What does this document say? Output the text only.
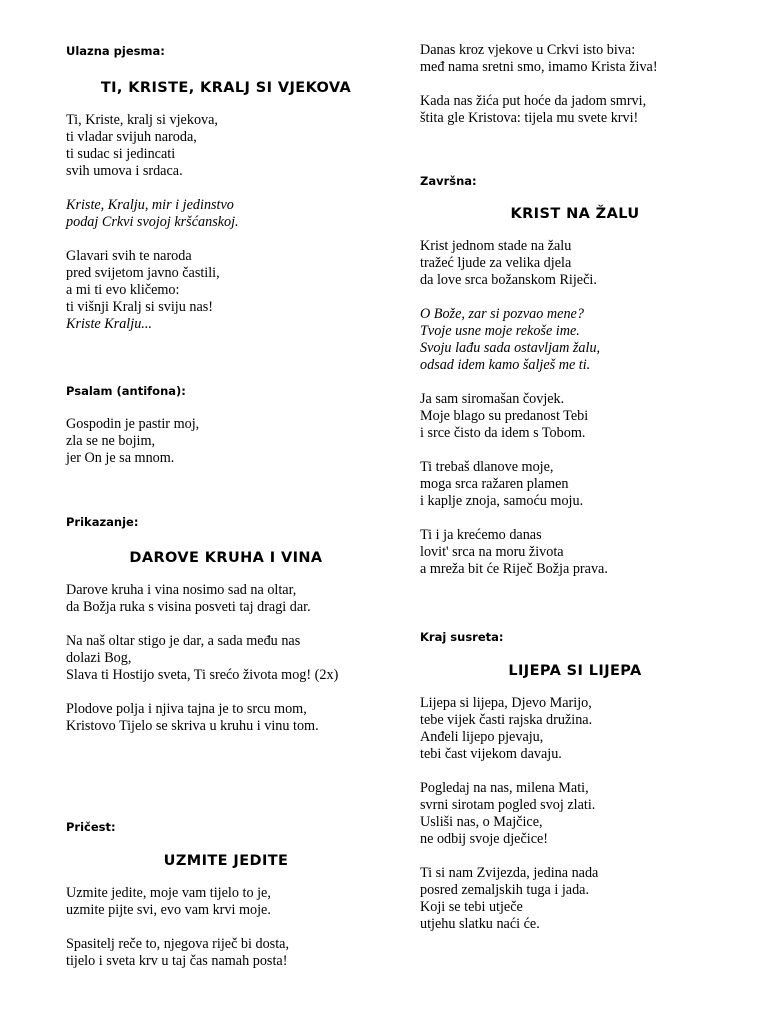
Ulazna pjesma:
TI, KRISTE, KRALJ SI VJEKOVA
Ti, Kriste, kralj si vjekova,
ti vladar svijuh naroda,
ti sudac si jedincati
svih umova i srdaca.
Kriste, Kralju, mir i jedinstvo
podaj Crkvi svojoj kršćanskoj.
Glavari svih te naroda
pred svijetom javno častili,
a mi ti evo kličemo:
ti višnji Kralj si sviju nas!
Kriste Kralju...
Psalam (antifona):
Gospodin je pastir moj,
zla se ne bojim,
jer On je sa mnom.
Prikazanje:
DAROVE KRUHA I VINA
Darove kruha i vina nosimo sad na oltar,
da Božja ruka s visina posveti taj dragi dar.
Na naš oltar stigo je dar, a sada među nas
dolazi Bog,
Slava ti Hostijo sveta, Ti srećo života mog! (2x)
Plodove polja i njiva tajna je to srcu mom,
Kristovo Tijelo se skriva u kruhu i vinu tom.
Pričest:
UZMITE JEDITE
Uzmite jedite, moje vam tijelo to je,
uzmite pijte svi, evo vam krvi moje.
Spasitelj reče to, njegova riječ bi dosta,
tijelo i sveta krv u taj čas namah posta!
Danas kroz vjekove u Crkvi isto biva:
međ nama sretni smo, imamo Krista živa!
Kada nas žića put hoće da jadom smrvi,
štita gle Kristova: tijela mu svete krvi!
Završna:
KRIST NA ŽALU
Krist jednom stade na žalu
tražeć ljude za velika djela
da love srca božanskom Riječi.
O Bože, zar si pozvao mene?
Tvoje usne moje rekoše ime.
Svoju lađu sada ostavljam žalu,
odsad idem kamo šalješ me ti.
Ja sam siromašan čovjek.
Moje blago su predanost Tebi
i srce čisto da idem s Tobom.
Ti trebaš dlanove moje,
moga srca ražaren plamen
i kaplje znoja, samoću moju.
Ti i ja krećemo danas
lovit' srca na moru života
a mreža bit će Riječ Božja prava.
Kraj susreta:
LIJEPA SI LIJEPA
Lijepa si lijepa, Djevo Marijo,
tebe vijek časti rajska družina.
Anđeli lijepo pjevaju,
tebi čast vijekom davaju.
Pogledaj na nas, milena Mati,
svrni sirotam pogled svoj zlati.
Usliši nas, o Majčice,
ne odbij svoje dječice!
Ti si nam Zvijezda, jedina nada
posred zemaljskih tuga i jada.
Koji se tebi utječe
utjehu slatku naći će.
